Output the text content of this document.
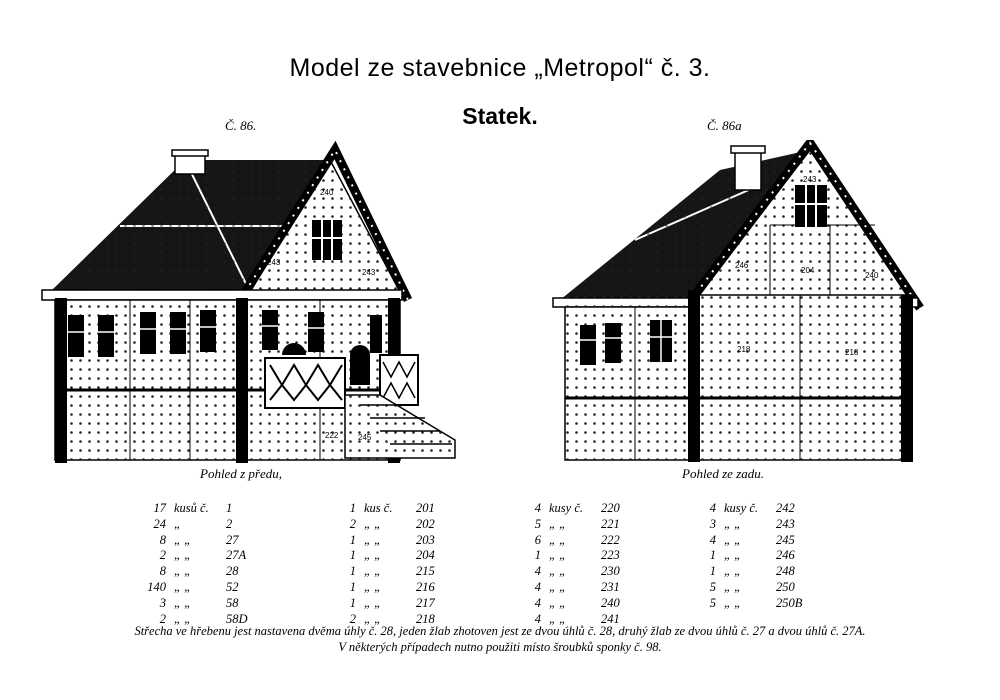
Model ze stavebnice „Metropol“ č. 3.
Statek.
Č. 86.	Č. 86a
240
243
243
222 245
243
246
204
240
218	218
Pohled z předu,	Pohled ze zadu.
17 kusů č.	1
24 „	2
8 „ „	27
2 „ „	27A
8 „ „	28
140 „ „	52
3 „ „	58
2 „ „	58D
1 kus č.	201
2 „ „	202
1 „ „	203
1 „ „	204
1 „ „	215
1 „ „	216
1 „ „	217
2 „ „	218
4 kusy č.	220
5 „ „	221
6 „ „	222
1 „ „	223
4 „ „	230
4 „ „	231
4 „ „	240
4 „ „	241
4 kusy č.	242
3 „ „	243
4 „ „	245
1 „ „	246
1 „ „	248
5 „ „	250
5 „ „	250B
Střecha ve hřebenu jest nastavena dvěma úhly č. 28, jeden žlab zhotoven jest ze dvou úhlů č. 28, druhý žlab ze dvou úhlů č. 27 a dvou úhlů č. 27A.
V některých případech nutno použiti místo šroubků sponky č. 98.
